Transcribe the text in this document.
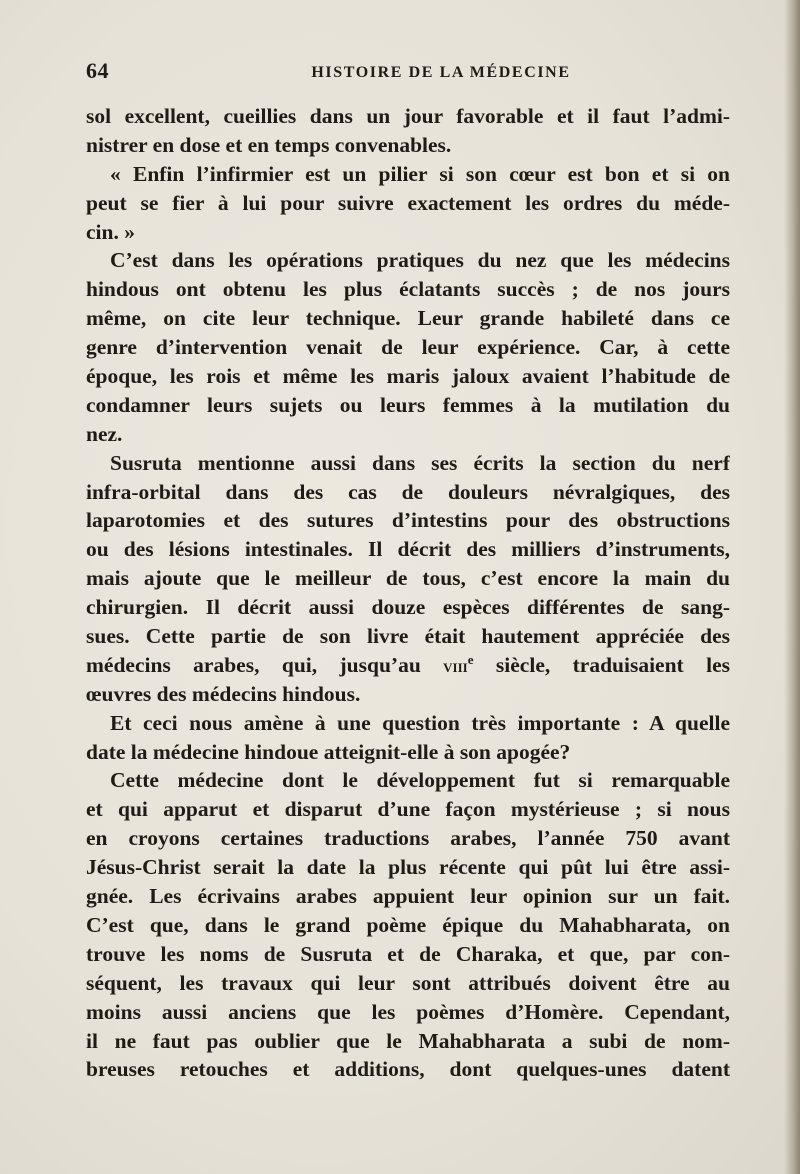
64	HISTOIRE DE LA MÉDECINE
sol excellent, cueillies dans un jour favorable et il faut l’admi-
nistrer en dose et en temps convenables.
« Enfin l’infirmier est un pilier si son cœur est bon et si on
peut se fier à lui pour suivre exactement les ordres du méde-
cin. »
C’est dans les opérations pratiques du nez que les médecins
hindous ont obtenu les plus éclatants succès ; de nos jours
même, on cite leur technique. Leur grande habileté dans ce
genre d’intervention venait de leur expérience. Car, à cette
époque, les rois et même les maris jaloux avaient l’habitude de
condamner leurs sujets ou leurs femmes à la mutilation du
nez.
Susruta mentionne aussi dans ses écrits la section du nerf
infra-orbital dans des cas de douleurs névralgiques, des
laparotomies et des sutures d’intestins pour des obstructions
ou des lésions intestinales. Il décrit des milliers d’instruments,
mais ajoute que le meilleur de tous, c’est encore la main du
chirurgien. Il décrit aussi douze espèces différentes de sang-
sues. Cette partie de son livre était hautement appréciée des
médecins arabes, qui, jusqu’au viii$^e$ siècle, traduisaient les
œuvres des médecins hindous.
Et ceci nous amène à une question très importante : A quelle
date la médecine hindoue atteignit-elle à son apogée?
Cette médecine dont le développement fut si remarquable
et qui apparut et disparut d’une façon mystérieuse ; si nous
en croyons certaines traductions arabes, l’année 750 avant
Jésus-Christ serait la date la plus récente qui pût lui être assi-
gnée. Les écrivains arabes appuient leur opinion sur un fait.
C’est que, dans le grand poème épique du Mahabharata, on
trouve les noms de Susruta et de Charaka, et que, par con-
séquent, les travaux qui leur sont attribués doivent être au
moins aussi anciens que les poèmes d’Homère. Cependant,
il ne faut pas oublier que le Mahabharata a subi de nom-
breuses retouches et additions, dont quelques-unes datent
